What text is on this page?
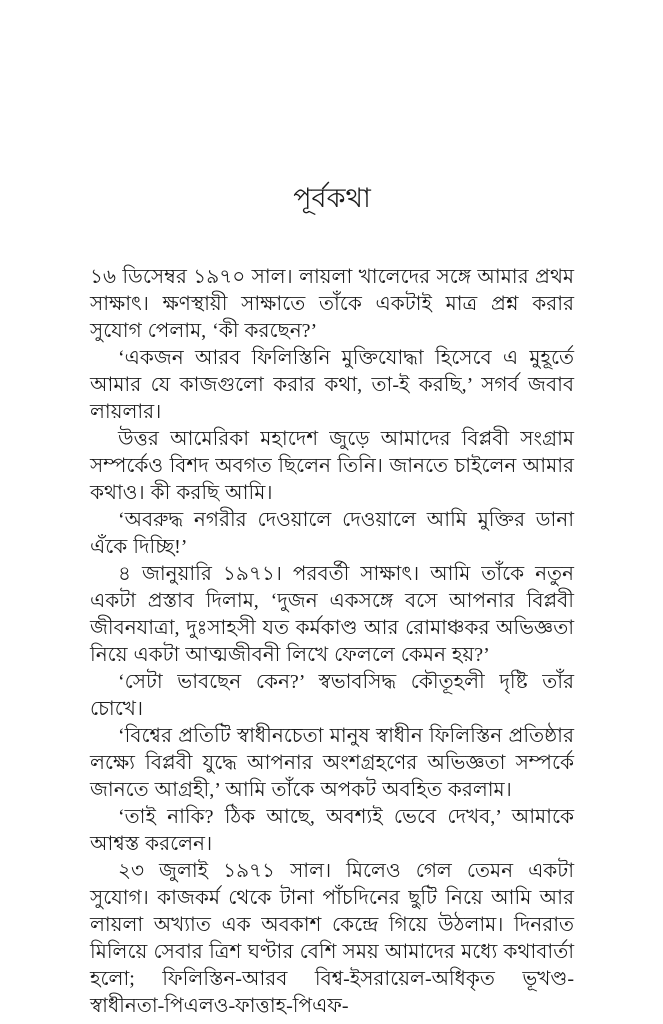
পূর্বকথা

১৬ ডিসেম্বর ১৯৭০ সাল। লায়লা খালেদের সঙ্গে আমার প্রথম সাক্ষাৎ। ক্ষণস্থায়ী সাক্ষাতে তাঁকে একটাই মাত্র প্রশ্ন করার সুযোগ পেলাম, ‘কী করছেন?’

‘একজন আরব ফিলিস্তিনি মুক্তিযোদ্ধা হিসেবে এ মুহূর্তে আমার যে কাজগুলো করার কথা, তা-ই করছি,’ সগর্ব জবাব লায়লার।

উত্তর আমেরিকা মহাদেশ জুড়ে আমাদের বিপ্লবী সংগ্রাম সম্পর্কেও বিশদ অবগত ছিলেন তিনি। জানতে চাইলেন আমার কথাও। কী করছি আমি।

‘অবরুদ্ধ নগরীর দেওয়ালে দেওয়ালে আমি মুক্তির ডানা এঁকে দিচ্ছি!’

৪ জানুয়ারি ১৯৭১। পরবর্তী সাক্ষাৎ। আমি তাঁকে নতুন একটা প্রস্তাব দিলাম, ‘দুজন একসঙ্গে বসে আপনার বিপ্লবী জীবনযাত্রা, দুঃসাহসী যত কর্মকাণ্ড আর রোমাঞ্চকর অভিজ্ঞতা নিয়ে একটা আত্মজীবনী লিখে ফেললে কেমন হয়?’

‘সেটা ভাবছেন কেন?’ স্বভাবসিদ্ধ কৌতূহলী দৃষ্টি তাঁর চোখে।

‘বিশ্বের প্রতিটি স্বাধীনচেতা মানুষ স্বাধীন ফিলিস্তিন প্রতিষ্ঠার লক্ষ্যে বিপ্লবী যুদ্ধে আপনার অংশগ্রহণের অভিজ্ঞতা সম্পর্কে জানতে আগ্রহী,’ আমি তাঁকে অপকট অবহিত করলাম।

‘তাই নাকি? ঠিক আছে, অবশ্যই ভেবে দেখব,’ আমাকে আশ্বস্ত করলেন।

২৩ জুলাই ১৯৭১ সাল। মিলেও গেল তেমন একটা সুযোগ। কাজকর্ম থেকে টানা পাঁচদিনের ছুটি নিয়ে আমি আর লায়লা অখ্যাত এক অবকাশ কেন্দ্রে গিয়ে উঠলাম। দিনরাত মিলিয়ে সেবার ত্রিশ ঘণ্টার বেশি সময় আমাদের মধ্যে কথাবার্তা হলো; ফিলিস্তিন-আরব বিশ্ব-ইসরায়েল-অধিকৃত ভূখণ্ড-স্বাধীনতা-পিএলও-ফাত্তাহ-পিএফ-
